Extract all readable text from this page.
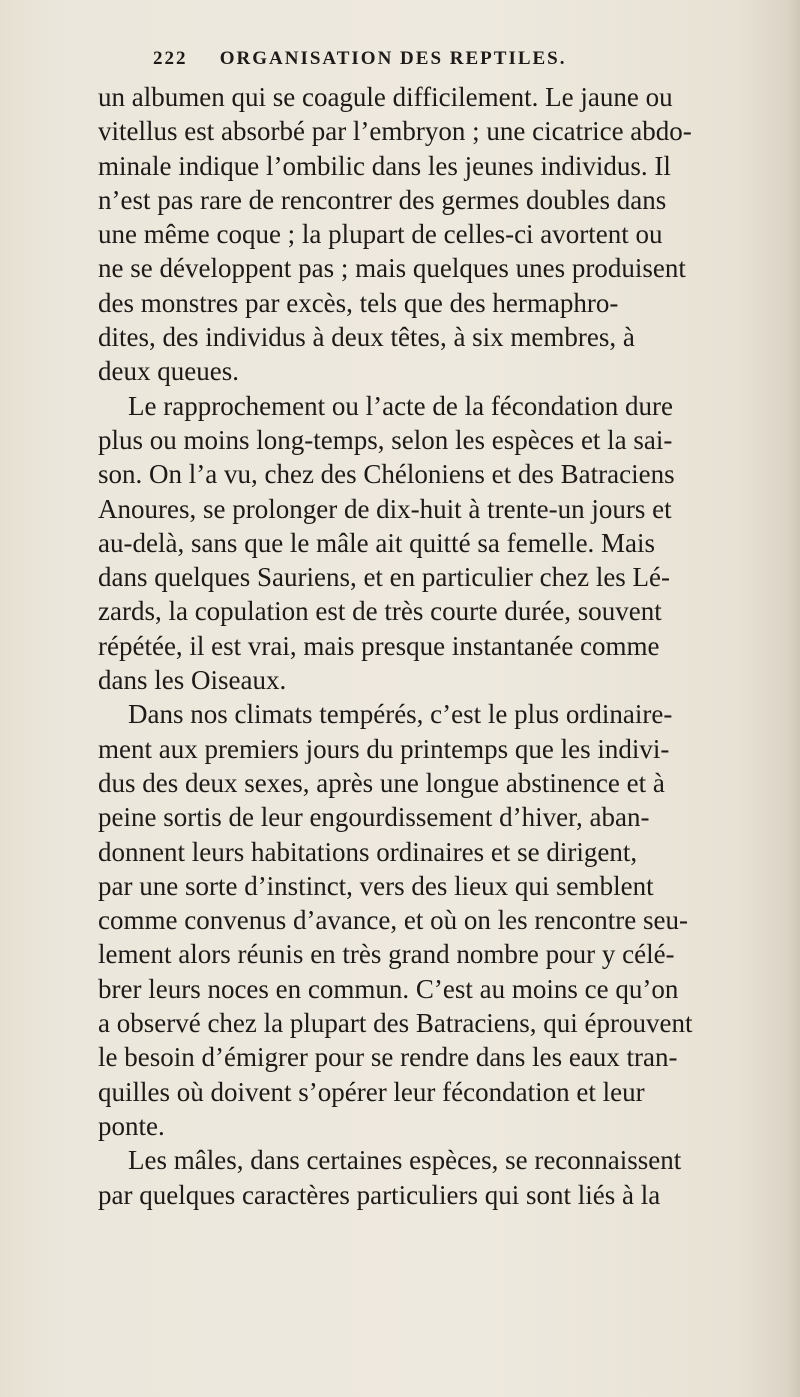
222 ORGANISATION DES REPTILES.
un albumen qui se coagule difficilement. Le jaune ou
vitellus est absorbé par l’embryon ; une cicatrice abdo-
minale indique l’ombilic dans les jeunes individus. Il
n’est pas rare de rencontrer des germes doubles dans
une même coque ; la plupart de celles-ci avortent ou
ne se développent pas ; mais quelques unes produisent
des monstres par excès, tels que des hermaphro-
dites, des individus à deux têtes, à six membres, à
deux queues.
Le rapprochement ou l’acte de la fécondation dure
plus ou moins long-temps, selon les espèces et la sai-
son. On l’a vu, chez des Chéloniens et des Batraciens
Anoures, se prolonger de dix-huit à trente-un jours et
au-delà, sans que le mâle ait quitté sa femelle. Mais
dans quelques Sauriens, et en particulier chez les Lé-
zards, la copulation est de très courte durée, souvent
répétée, il est vrai, mais presque instantanée comme
dans les Oiseaux.
Dans nos climats tempérés, c’est le plus ordinaire-
ment aux premiers jours du printemps que les indivi-
dus des deux sexes, après une longue abstinence et à
peine sortis de leur engourdissement d’hiver, aban-
donnent leurs habitations ordinaires et se dirigent,
par une sorte d’instinct, vers des lieux qui semblent
comme convenus d’avance, et où on les rencontre seu-
lement alors réunis en très grand nombre pour y célé-
brer leurs noces en commun. C’est au moins ce qu’on
a observé chez la plupart des Batraciens, qui éprouvent
le besoin d’émigrer pour se rendre dans les eaux tran-
quilles où doivent s’opérer leur fécondation et leur
ponte.
Les mâles, dans certaines espèces, se reconnaissent
par quelques caractères particuliers qui sont liés à la
